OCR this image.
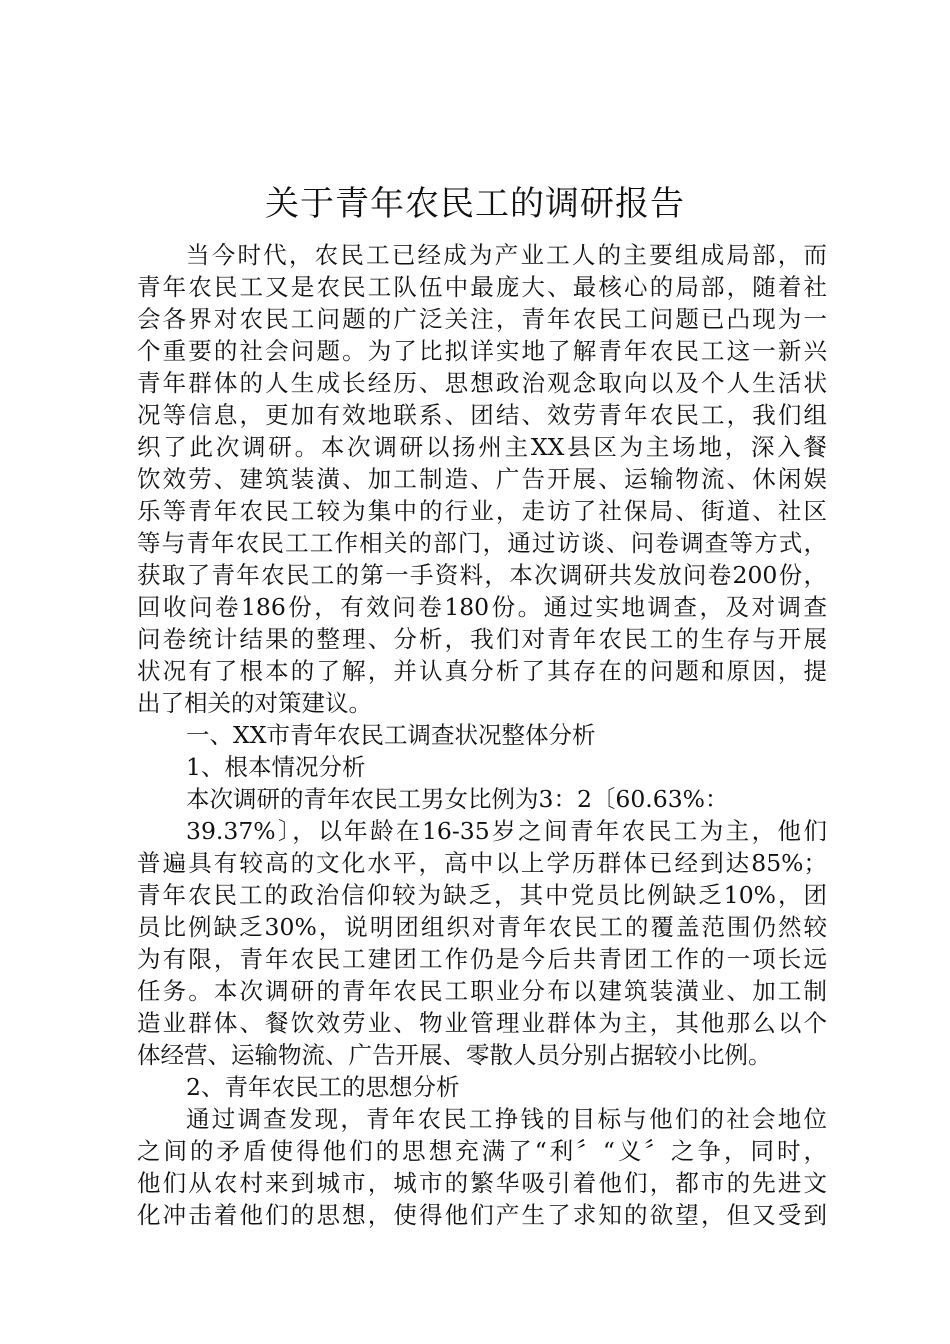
关于青年农民工的调研报告
当今时代，农民工已经成为产业工人的主要组成局部，而
青年农民工又是农民工队伍中最庞大、最核心的局部，随着社
会各界对农民工问题的广泛关注，青年农民工问题已凸现为一
个重要的社会问题。为了比拟详实地了解青年农民工这一新兴
青年群体的人生成长经历、思想政治观念取向以及个人生活状
况等信息，更加有效地联系、团结、效劳青年农民工，我们组
织了此次调研。本次调研以扬州主XX县区为主场地，深入餐
饮效劳、建筑装潢、加工制造、广告开展、运输物流、休闲娱
乐等青年农民工较为集中的行业，走访了社保局、街道、社区
等与青年农民工工作相关的部门，通过访谈、问卷调查等方式，
获取了青年农民工的第一手资料，本次调研共发放问卷200份，
回收问卷186份，有效问卷180份。通过实地调查，及对调查
问卷统计结果的整理、分析，我们对青年农民工的生存与开展
状况有了根本的了解，并认真分析了其存在的问题和原因，提
出了相关的对策建议。
一、XX市青年农民工调查状况整体分析
1、根本情况分析
本次调研的青年农民工男女比例为3：2〔60.63%：
39.37%〕，以年龄在16-35岁之间青年农民工为主，他们
普遍具有较高的文化水平，高中以上学历群体已经到达85%；
青年农民工的政治信仰较为缺乏，其中党员比例缺乏10%，团
员比例缺乏30%，说明团组织对青年农民工的覆盖范围仍然较
为有限，青年农民工建团工作仍是今后共青团工作的一项长远
任务。本次调研的青年农民工职业分布以建筑装潢业、加工制
造业群体、餐饮效劳业、物业管理业群体为主，其他那么以个
体经营、运输物流、广告开展、零散人员分别占据较小比例。
2、青年农民工的思想分析
通过调查发现，青年农民工挣钱的目标与他们的社会地位
之间的矛盾使得他们的思想充满了“利〞“义〞之争，同时，
他们从农村来到城市，城市的繁华吸引着他们，都市的先进文
化冲击着他们的思想，使得他们产生了求知的欲望，但又受到
